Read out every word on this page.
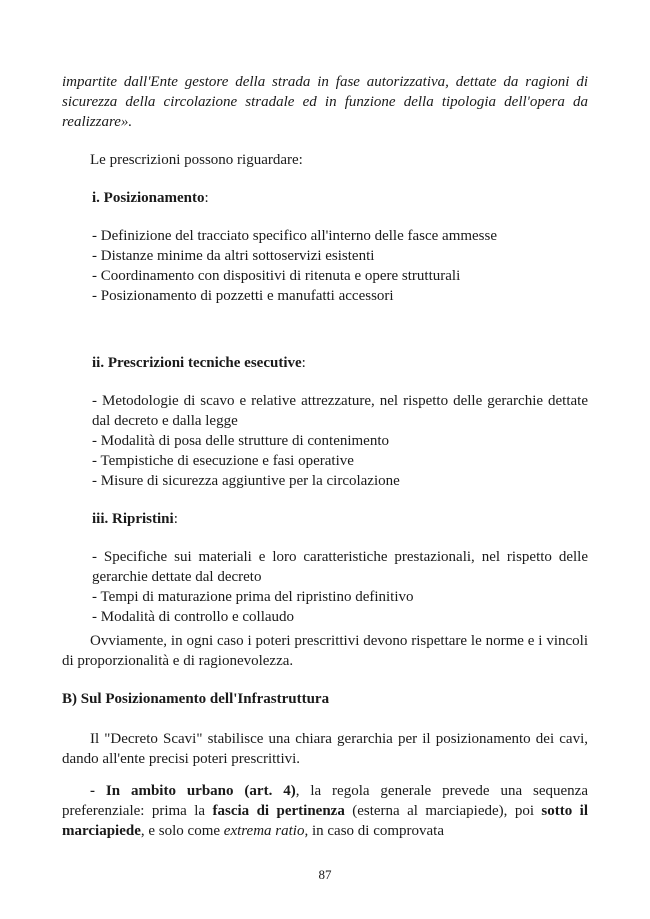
impartite dall'Ente gestore della strada in fase autorizzativa, dettate da ragioni di sicurezza della circolazione stradale ed in funzione della tipologia dell'opera da realizzare».

Le prescrizioni possono riguardare:

i. Posizionamento:

- Definizione del tracciato specifico all'interno delle fasce ammesse

- Distanze minime da altri sottoservizi esistenti

- Coordinamento con dispositivi di ritenuta e opere strutturali

- Posizionamento di pozzetti e manufatti accessori

ii. Prescrizioni tecniche esecutive:

- Metodologie di scavo e relative attrezzature, nel rispetto delle gerarchie dettate dal decreto e dalla legge

- Modalità di posa delle strutture di contenimento

- Tempistiche di esecuzione e fasi operative

- Misure di sicurezza aggiuntive per la circolazione

iii. Ripristini:

- Specifiche sui materiali e loro caratteristiche prestazionali, nel rispetto delle gerarchie dettate dal decreto

- Tempi di maturazione prima del ripristino definitivo

- Modalità di controllo e collaudo

Ovviamente, in ogni caso i poteri prescrittivi devono rispettare le norme e i vincoli di proporzionalità e di ragionevolezza.

B) Sul Posizionamento dell'Infrastruttura

Il "Decreto Scavi" stabilisce una chiara gerarchia per il posizionamento dei cavi, dando all'ente precisi poteri prescrittivi.

- In ambito urbano (art. 4), la regola generale prevede una sequenza preferenziale: prima la fascia di pertinenza (esterna al marciapiede), poi sotto il marciapiede, e solo come extrema ratio, in caso di comprovata

87
